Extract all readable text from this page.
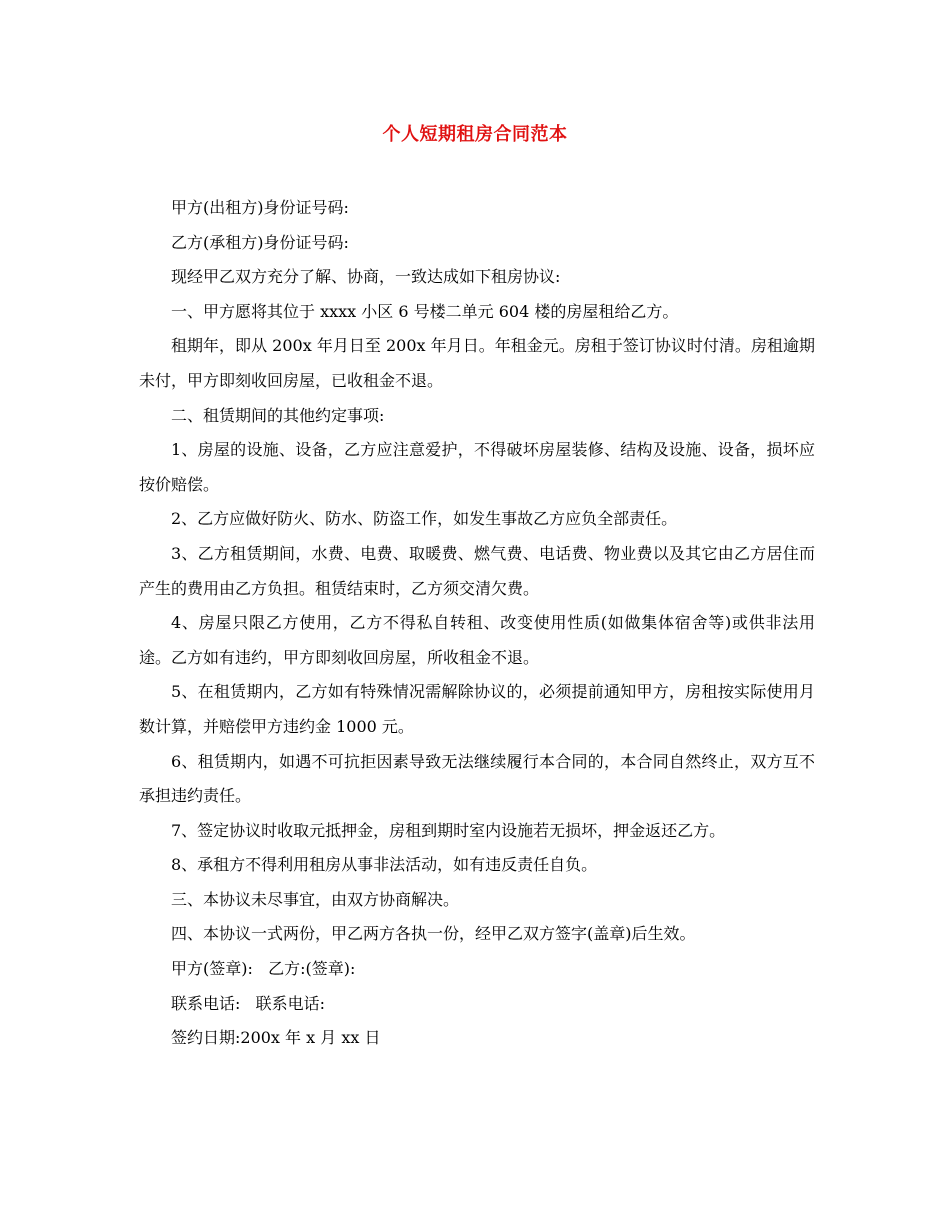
个人短期租房合同范本

甲方(出租方)身份证号码:

乙方(承租方)身份证号码:

现经甲乙双方充分了解、协商，一致达成如下租房协议:

一、甲方愿将其位于 xxxx 小区 6 号楼二单元 604 楼的房屋租给乙方。

租期年，即从 200x 年月日至 200x 年月日。年租金元。房租于签订协议时付清。房租逾期未付，甲方即刻收回房屋，已收租金不退。

二、租赁期间的其他约定事项:

1、房屋的设施、设备，乙方应注意爱护，不得破坏房屋装修、结构及设施、设备，损坏应按价赔偿。

2、乙方应做好防火、防水、防盗工作，如发生事故乙方应负全部责任。

3、乙方租赁期间，水费、电费、取暖费、燃气费、电话费、物业费以及其它由乙方居住而产生的费用由乙方负担。租赁结束时，乙方须交清欠费。

4、房屋只限乙方使用，乙方不得私自转租、改变使用性质(如做集体宿舍等)或供非法用途。乙方如有违约，甲方即刻收回房屋，所收租金不退。

5、在租赁期内，乙方如有特殊情况需解除协议的，必须提前通知甲方，房租按实际使用月数计算，并赔偿甲方违约金 1000 元。

6、租赁期内，如遇不可抗拒因素导致无法继续履行本合同的，本合同自然终止，双方互不承担违约责任。

7、签定协议时收取元抵押金，房租到期时室内设施若无损坏，押金返还乙方。

8、承租方不得利用租房从事非法活动，如有违反责任自负。

三、本协议未尽事宜，由双方协商解决。

四、本协议一式两份，甲乙两方各执一份，经甲乙双方签字(盖章)后生效。

甲方(签章):   乙方:(签章):

联系电话:   联系电话:

签约日期:200x 年 x 月 xx 日
